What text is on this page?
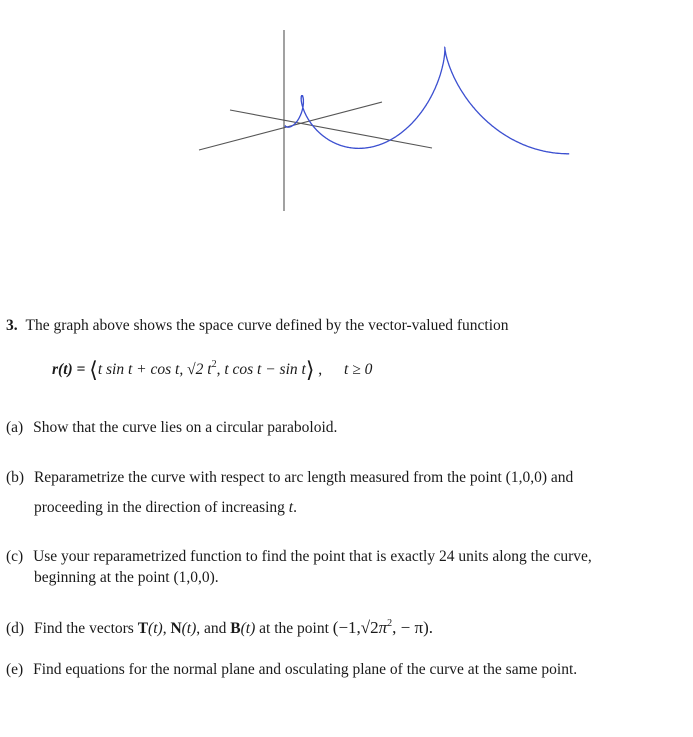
3. The graph above shows the space curve defined by the vector-valued function
r(t) = ⟨t sin t + cos t, √2 $t^2$, t cos t − sin t⟩ , t ≥ 0
(a) Show that the curve lies on a circular paraboloid.
(b) Reparametrize the curve with respect to arc length measured from the point (1,0,0) and
proceeding in the direction of increasing t.
(c) Use your reparametrized function to find the point that is exactly 24 units along the curve,
beginning at the point (1,0,0).
(d) Find the vectors T(t), N(t), and B(t) at the point ($-1,√2\pi^2$, − π).
(e) Find equations for the normal plane and osculating plane of the curve at the same point.
